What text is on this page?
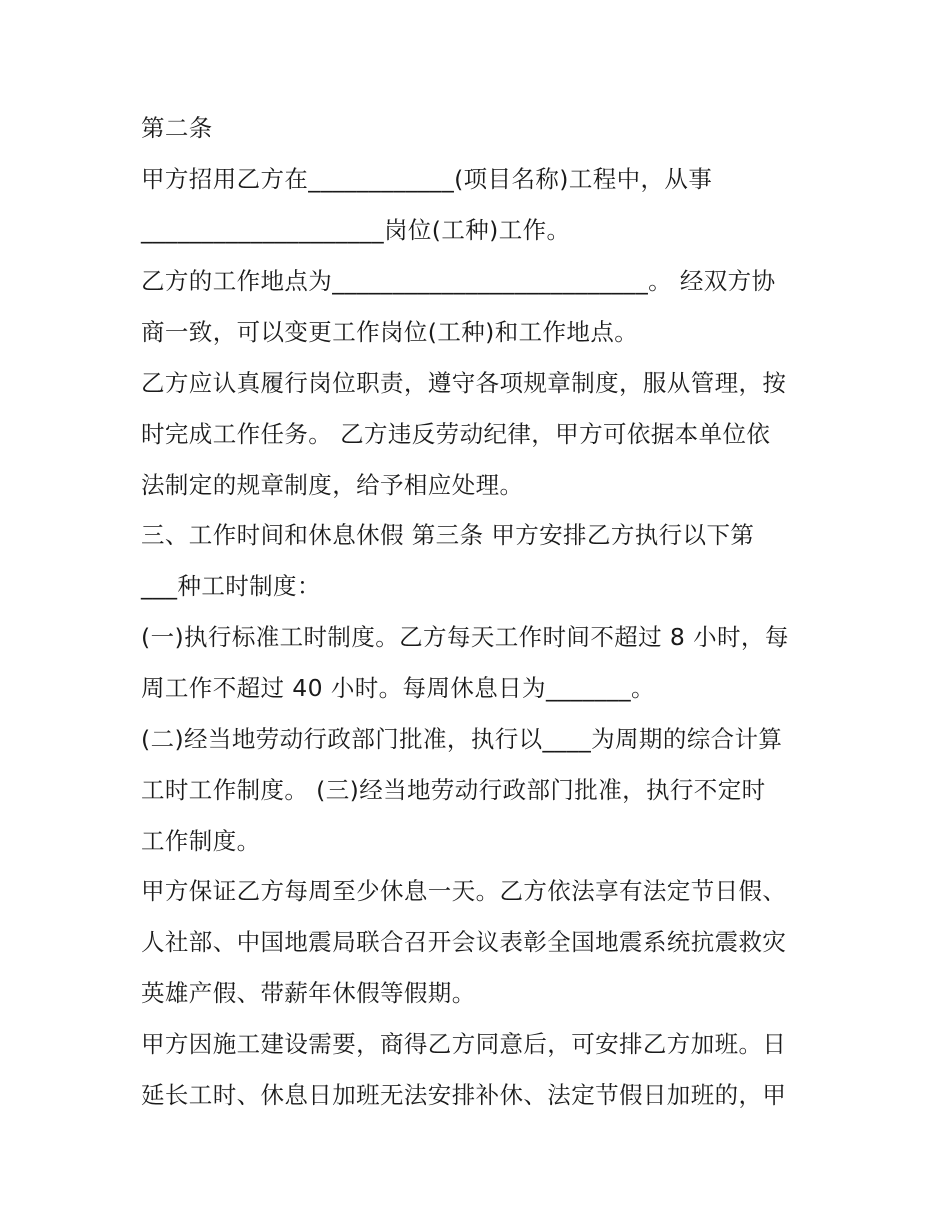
第二条
甲方招用乙方在____________(项目名称)工程中，从事
____________________岗位(工种)工作。
乙方的工作地点为__________________________。 经双方协
商一致，可以变更工作岗位(工种)和工作地点。
乙方应认真履行岗位职责，遵守各项规章制度，服从管理，按
时完成工作任务。 乙方违反劳动纪律，甲方可依据本单位依
法制定的规章制度，给予相应处理。
三、工作时间和休息休假 第三条 甲方安排乙方执行以下第
___种工时制度：
(一)执行标准工时制度。乙方每天工作时间不超过 8 小时，每
周工作不超过 40 小时。每周休息日为_______。
(二)经当地劳动行政部门批准，执行以____为周期的综合计算
工时工作制度。 (三)经当地劳动行政部门批准，执行不定时
工作制度。
甲方保证乙方每周至少休息一天。乙方依法享有法定节日假、
人社部、中国地震局联合召开会议表彰全国地震系统抗震救灾
英雄产假、带薪年休假等假期。
甲方因施工建设需要，商得乙方同意后，可安排乙方加班。日
延长工时、休息日加班无法安排补休、法定节假日加班的，甲
